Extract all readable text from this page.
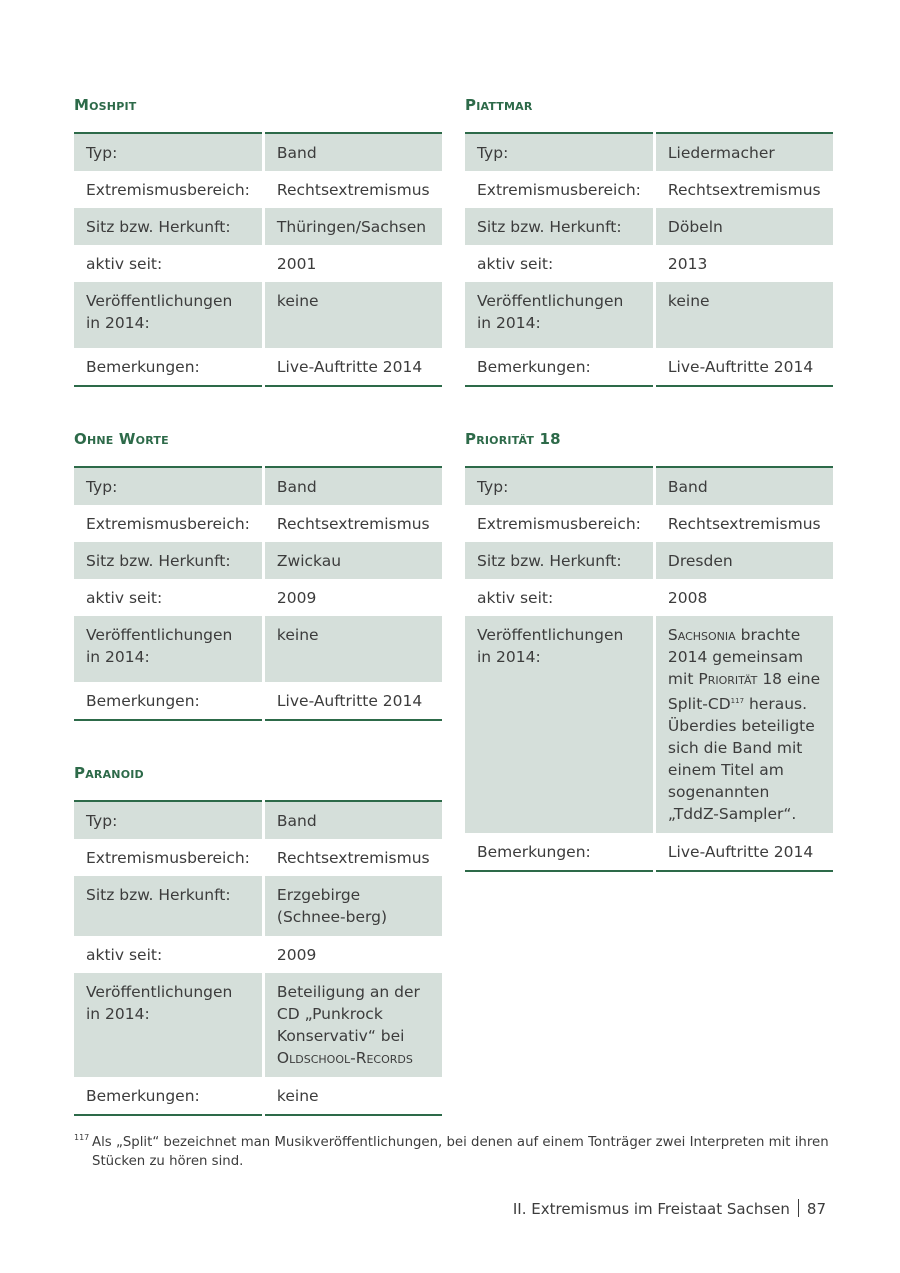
Moshpit
Typ:	Band
Extremismusbereich:	Rechtsextremismus
Sitz bzw. Herkunft:	Thüringen/Sachsen
aktiv seit:	2001
Veröffentlichungen in 2014:	keine
Bemerkungen:	Live-Auftritte 2014
Piattmar
Typ:	Liedermacher
Extremismusbereich:	Rechtsextremismus
Sitz bzw. Herkunft:	Döbeln
aktiv seit:	2013
Veröffentlichungen in 2014:	keine
Bemerkungen:	Live-Auftritte 2014
Ohne Worte
Typ:	Band
Extremismusbereich:	Rechtsextremismus
Sitz bzw. Herkunft:	Zwickau
aktiv seit:	2009
Veröffentlichungen in 2014:	keine
Bemerkungen:	Live-Auftritte 2014
Priorität 18
Typ:	Band
Extremismusbereich:	Rechtsextremismus
Sitz bzw. Herkunft:	Dresden
aktiv seit:	2008
Veröffentlichungen in 2014:	Sachsonia brachte 2014 gemeinsam mit Priorität 18 eine Split-CD$^{117}$ heraus. Überdies beteiligte sich die Band mit einem Titel am sogenannten „TddZ-Sampler“.
Bemerkungen:	Live-Auftritte 2014
Paranoid
Typ:	Band
Extremismusbereich:	Rechtsextremismus
Sitz bzw. Herkunft:	Erzgebirge (Schnee-berg)
aktiv seit:	2009
Veröffentlichungen in 2014:	Beteiligung an der CD „Punkrock Konservativ“ bei Oldschool-Records
Bemerkungen:	keine
117 Als „Split“ bezeichnet man Musikveröffentlichungen, bei denen auf einem Tonträger zwei Interpreten mit ihren Stücken zu hören sind.
II. Extremismus im Freistaat Sachsen 87
